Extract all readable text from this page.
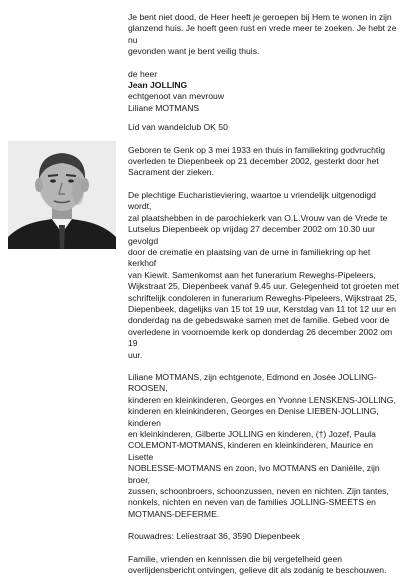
Je bent niet dood, de Heer heeft je geroepen bij Hem te wonen in zijn

glanzend huis. Je hoeft geen rust en vrede meer te zoeken. Je hebt ze nu

gevonden want je bent veilig thuis.

de heer

Jean JOLLING

echtgenoot van mevrouw

Liliane MOTMANS

Lid van wandelclub OK 50

Geboren te Genk op 3 mei 1933 en thuis in familiekring godvruchtig

overleden te Diepenbeek op 21 december 2002, gesterkt door het

Sacrament der zieken.

De plechtige Eucharistieviering, waartoe u vriendelijk uitgenodigd wordt,

zal plaatshebben in de parochiekerk van O.L.Vrouw van de Vrede te

Lutselus Diepenbeek op vrijdag 27 december 2002 om 10.30 uur gevolgd

door de crematie en plaatsing van de urne in familiekring op het kerkhof

van Kiewit. Samenkomst aan het funerarium Reweghs-Pipeleers,

Wijkstraat 25, Diepenbeek vanaf 9.45 uur. Gelegenheid tot groeten met

schriftelijk condoleren in funerarium Reweghs-Pipeleers, Wijkstraat 25,

Diepenbeek, dagelijks van 15 tot 19 uur, Kerstdag van 11 tot 12 uur en

donderdag na de gebedswake samen met de familie. Gebed voor de

overledene in voornoemde kerk op donderdag 26 december 2002 om 19

uur.

Liliane MOTMANS, zijn echtgenote, Edmond en Josée JOLLING-ROOSEN,

kinderen en kleinkinderen, Georges en Yvonne LENSKENS-JOLLING,

kinderen en kleinkinderen, Georges en Denise LIEBEN-JOLLING, kinderen

en kleinkinderen, Gilberte JOLLING en kinderen, (†) Jozef, Paula

COLEMONT-MOTMANS, kinderen en kleinkinderen, Maurice en Lisette

NOBLESSE-MOTMANS en zoon, Ivo MOTMANS en Daniëlle, zijn broer,

zussen, schoonbroers, schoonzussen, neven en nichten. Zijn tantes,

nonkels, nichten en neven van de families JOLLING-SMEETS en

MOTMANS-DEFERME.

Rouwadres: Leliestraat 36, 3590 Diepenbeek

Familie, vrienden en kennissen die bij vergetelheid geen

overlijdensbericht ontvingen, gelieve dit als zodanig te beschouwen.
